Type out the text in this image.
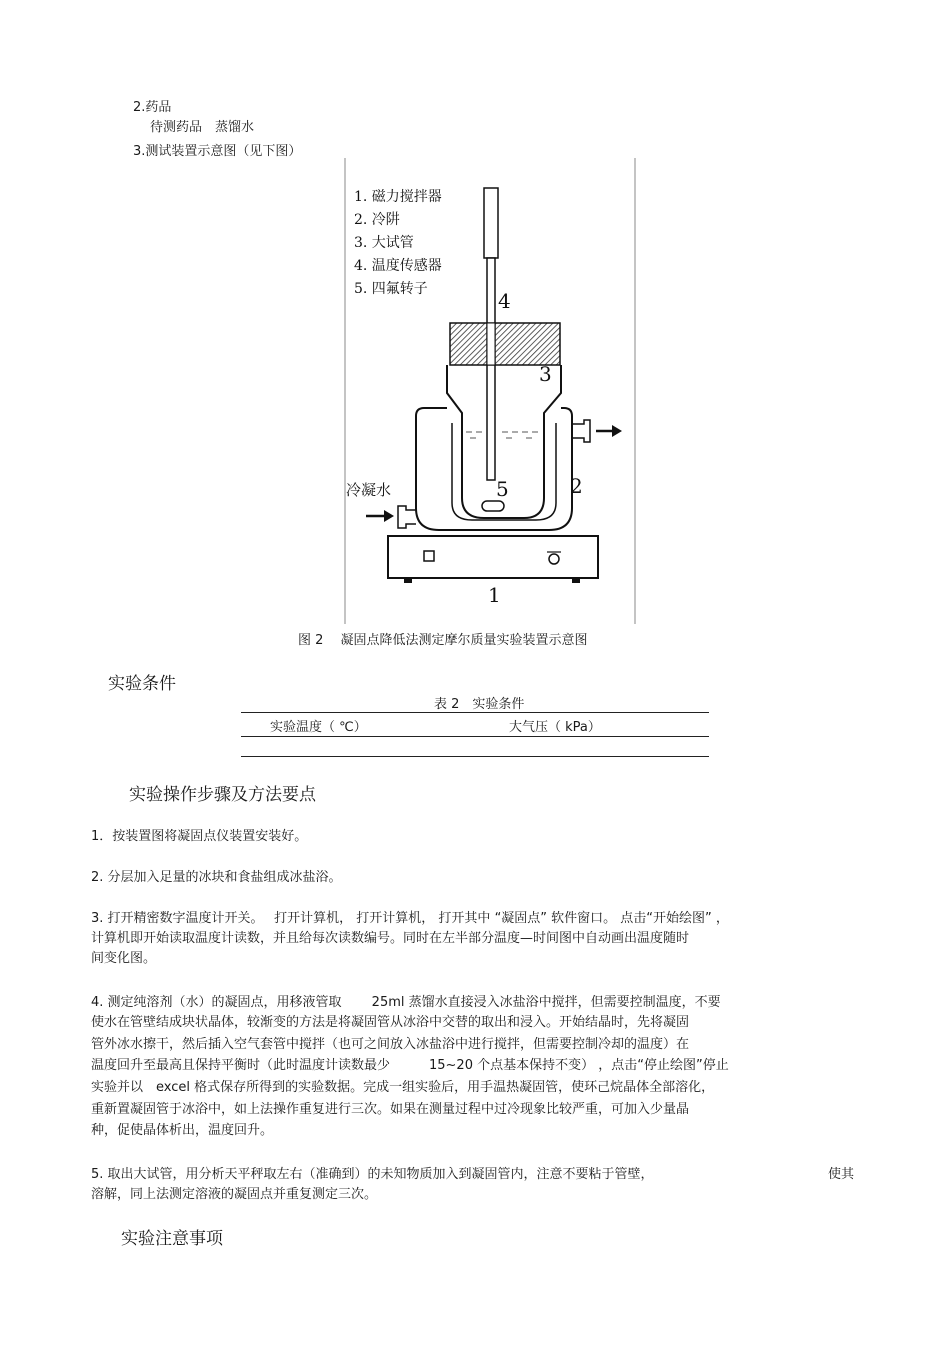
2.药品
待测药品　蒸馏水
3.测试装置示意图（见下图）
1. 磁力搅拌器
2. 冷阱
3. 大试管
4. 温度传感器
5. 四氟转子	4
3
2
5
1
冷凝水
图 2　 凝固点降低法测定摩尔质量实验装置示意图
实验条件
表 2　实验条件
实验温度（ ℃）	大气压（ kPa）
实验操作步骤及方法要点
1．按装置图将凝固点仪装置安装好。
2. 分层加入足量的冰块和食盐组成冰盐浴。
3. 打开精密数字温度计开关。　 打开计算机， 打开计算机， 打开其中 “凝固点” 软件窗口。 点击“开始绘图” ，
计算机即开始读取温度计读数，并且给每次读数编号。同时在左半部分温度—时间图中自动画出温度随时
间变化图。
4. 测定纯溶剂（水）的凝固点，用移液管取　　 25ml 蒸馏水直接浸入冰盐浴中搅拌，但需要控制温度，不要
使水在管壁结成块状晶体，较渐变的方法是将凝固管从冰浴中交替的取出和浸入。开始结晶时，先将凝固
管外冰水擦干，然后插入空气套管中搅拌（也可之间放入冰盐浴中进行搅拌，但需要控制冷却的温度）在
温度回升至最高且保持平衡时（此时温度计读数最少　　　15~20 个点基本保持不变） ，点击“停止绘图”停止
实验并以　excel 格式保存所得到的实验数据。完成一组实验后，用手温热凝固管，使环己烷晶体全部溶化，
重新置凝固管于冰浴中，如上法操作重复进行三次。如果在测量过程中过冷现象比较严重，可加入少量晶
种，促使晶体析出，温度回升。
5. 取出大试管，用分析天平秤取左右（准确到）的未知物质加入到凝固管内，注意不要粘于管壁，	使其
溶解，同上法测定溶液的凝固点并重复测定三次。
实验注意事项
